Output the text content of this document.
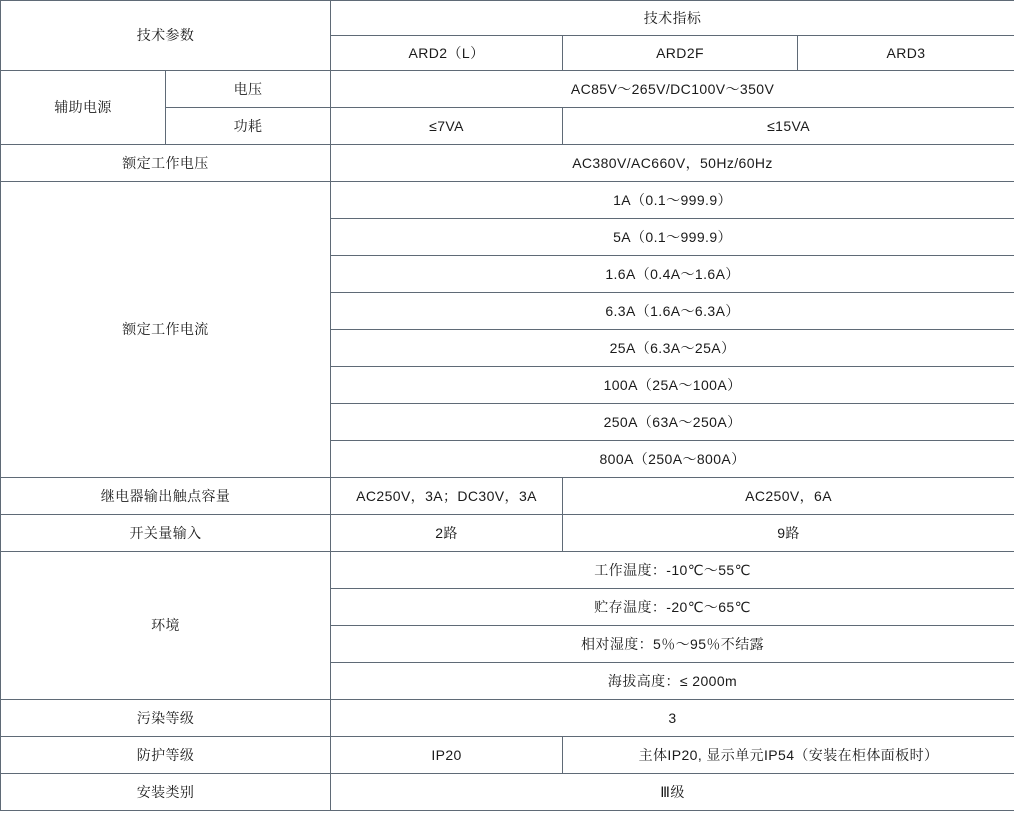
技术参数		技术指标		
		ARD2（L）	ARD2F	ARD3
辅助电源	电压	AC85V～265V/DC100V～350V		
	功耗	≤7VA	≤15VA	
额定工作电压		AC380V/AC660V，50Hz/60Hz		
额定工作电流		1A（0.1～999.9）		
		5A（0.1～999.9）		
		1.6A（0.4A～1.6A）		
		6.3A（1.6A～6.3A）		
		25A（6.3A～25A）		
		100A（25A～100A）		
		250A（63A～250A）		
		800A（250A～800A）		
继电器输出触点容量		AC250V，3A；DC30V，3A	AC250V，6A	
开关量输入		2路	9路	
环境		工作温度：-10℃～55℃		
		贮存温度：-20℃～65℃		
		相对湿度：5％～95％不结露		
		海拔高度：≤ 2000m		
污染等级		3		
防护等级		IP20	主体IP20, 显示单元IP54（安装在柜体面板时）	
安装类别		Ⅲ级		
